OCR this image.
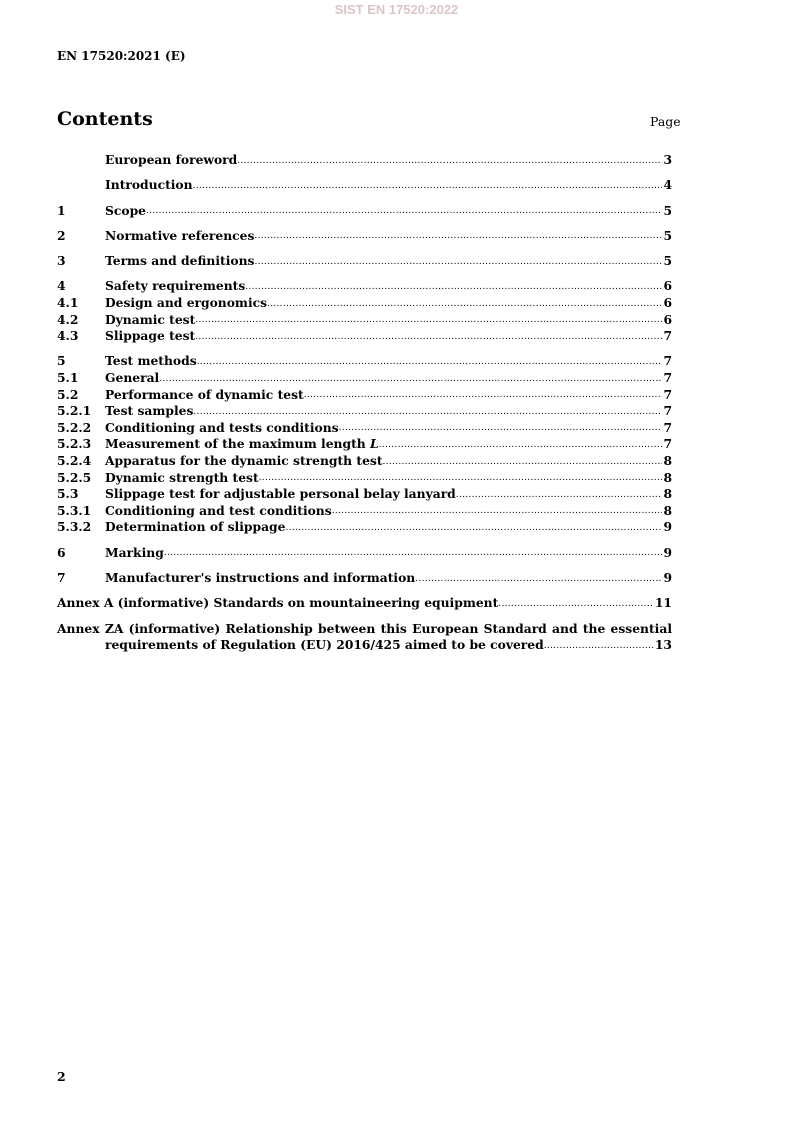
SIST EN 17520:2022
EN 17520:2021 (E)
Contents	Page
European foreword .....	3
Introduction .....	4
1	Scope .....	5
2	Normative references .....	5
3	Terms and definitions .....	5
4	Safety requirements .....	6
4.1	Design and ergonomics .....	6
4.2	Dynamic test .....	6
4.3	Slippage test .....	7
5	Test methods .....	7
5.1	General .....	7
5.2	Performance of dynamic test .....	7
5.2.1	Test samples .....	7
5.2.2	Conditioning and tests conditions .....	7
5.2.3	Measurement of the maximum length L .....	7
5.2.4	Apparatus for the dynamic strength test .....	8
5.2.5	Dynamic strength test .....	8
5.3	Slippage test for adjustable personal belay lanyard .....	8
5.3.1	Conditioning and test conditions .....	8
5.3.2	Determination of slippage .....	9
6	Marking .....	9
7	Manufacturer's instructions and information .....	9
Annex A (informative) Standards on mountaineering equipment .....	11
Annex ZA (informative) Relationship between this European Standard and the essential
requirements of Regulation (EU) 2016/425 aimed to be covered .....	13
2
